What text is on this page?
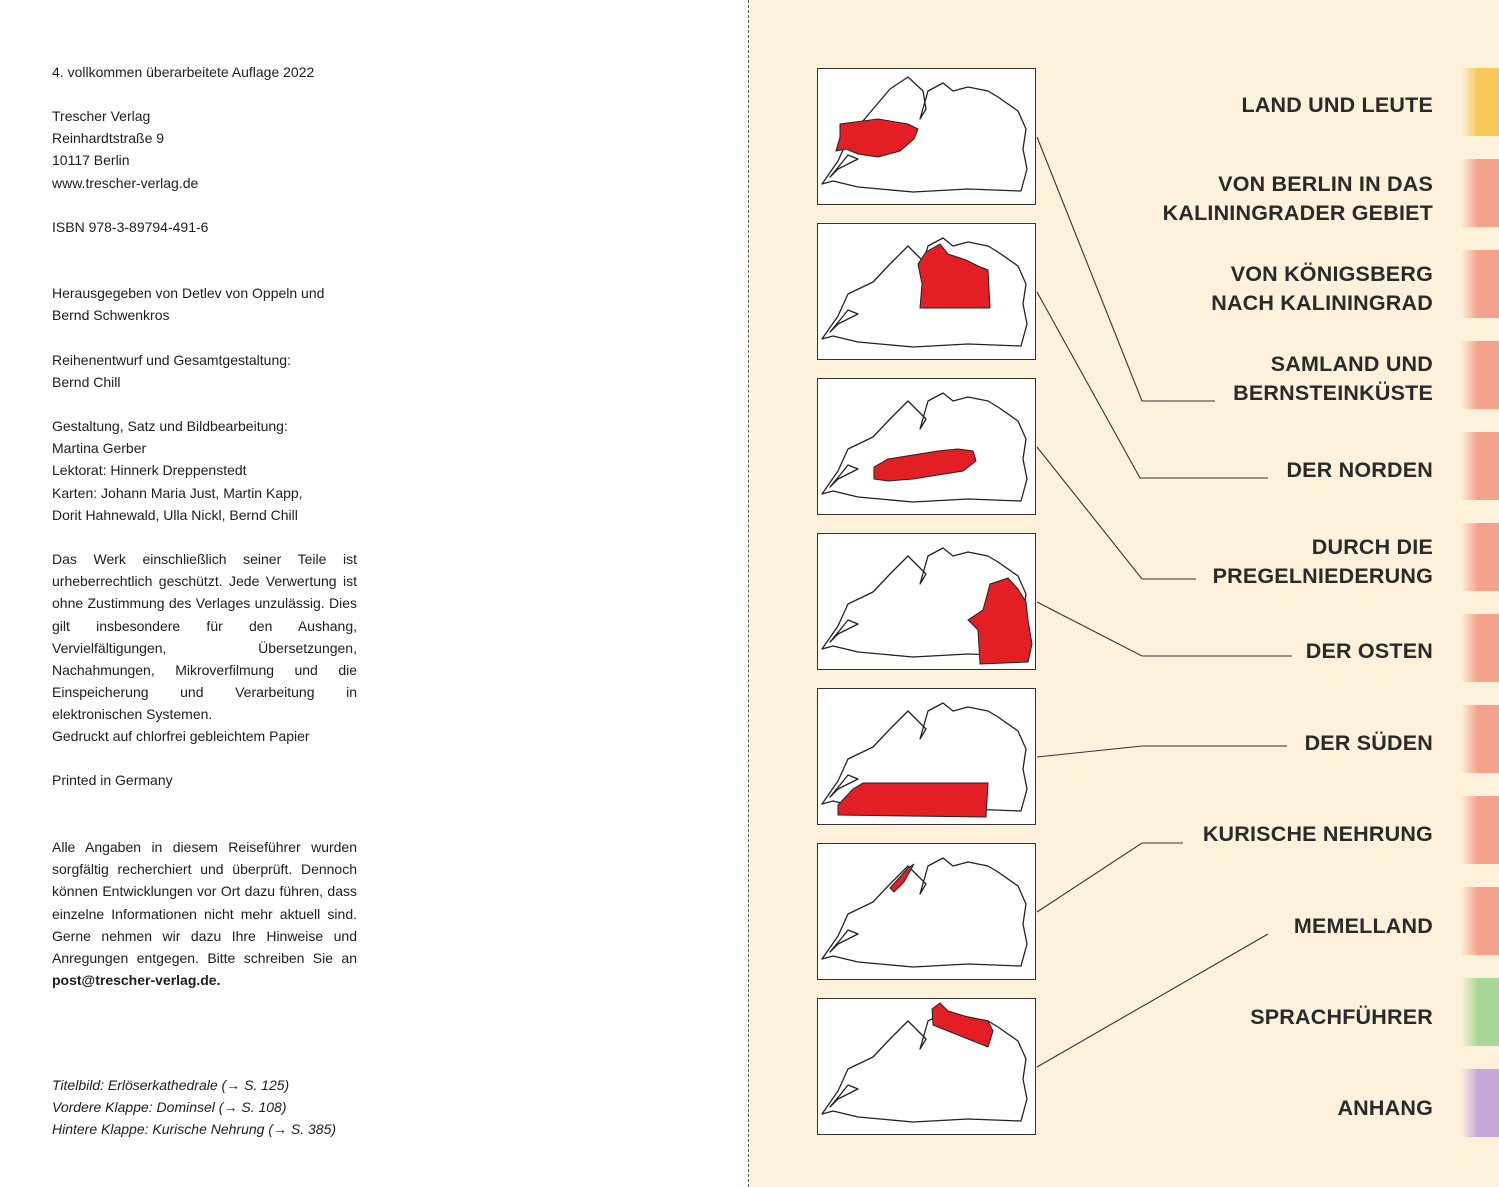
4. vollkommen überarbeitete Auflage 2022

Trescher Verlag

Reinhardtstraße 9

10117 Berlin

www.trescher-verlag.de

ISBN 978-3-89794-491-6

Herausgegeben von Detlev von Oppeln und

Bernd Schwenkros

Reihenentwurf und Gesamtgestaltung:

Bernd Chill

Gestaltung, Satz und Bildbearbeitung:

Martina Gerber

Lektorat: Hinnerk Dreppenstedt

Karten: Johann Maria Just, Martin Kapp,

Dorit Hahnewald, Ulla Nickl, Bernd Chill

Das Werk einschließlich seiner Teile ist urheberrechtlich geschützt. Jede Verwertung ist ohne Zustimmung des Verlages unzulässig. Dies gilt insbesondere für den Aushang, Vervielfältigungen, Übersetzungen, Nachahmungen, Mikroverfilmung und die Einspeicherung und Verarbeitung in elektronischen Systemen.

Gedruckt auf chlorfrei gebleichtem Papier

Printed in Germany

Alle Angaben in diesem Reiseführer wurden sorgfältig recherchiert und überprüft. Dennoch können Entwicklungen vor Ort dazu führen, dass einzelne Informationen nicht mehr aktuell sind. Gerne nehmen wir dazu Ihre Hinweise und Anregungen entgegen. Bitte schreiben Sie an post@trescher-verlag.de.

Titelbild: Erlöserkathedrale (→ S. 125)

Vordere Klappe: Dominsel (→ S. 108)

Hintere Klappe: Kurische Nehrung (→ S. 385)

LAND UND LEUTE
VON BERLIN IN DAS
KALININGRADER GEBIET
VON KÖNIGSBERG
NACH KALININGRAD
SAMLAND UND
BERNSTEINKÜSTE
DER NORDEN
DURCH DIE
PREGELNIEDERUNG
DER OSTEN
DER SÜDEN
KURISCHE NEHRUNG
MEMELLAND
SPRACHFÜHRER
ANHANG
